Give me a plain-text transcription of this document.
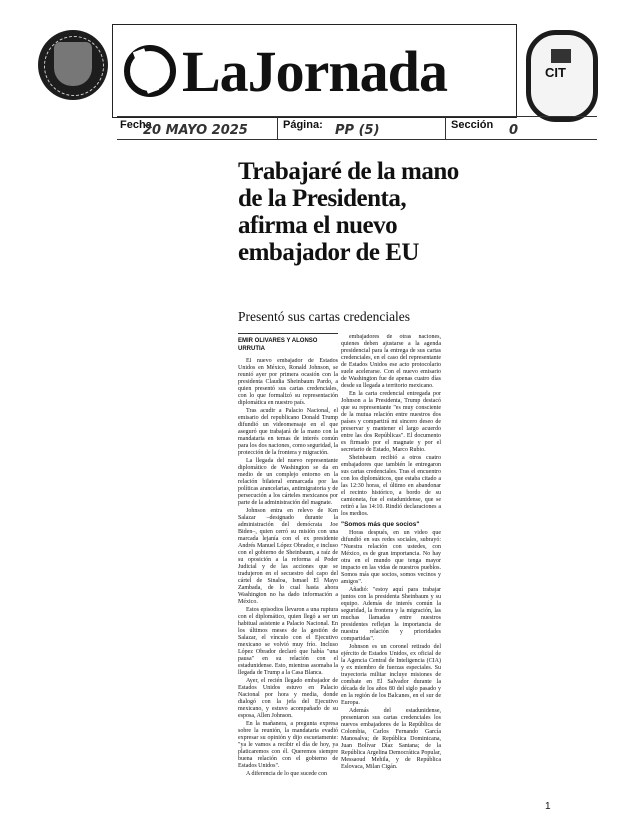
LaJornada	CIT
Fecha
20 MAYO 2025	Página: PP (5)	Sección 0
Trabajaré de la mano de la Presidenta, afirma el nuevo embajador de EU
Presentó sus cartas credenciales
EMIR OLIVARES Y ALONSO URRUTIA

El nuevo embajador de Estados Unidos en México, Ronald Johnson, se reunió ayer por primera ocasión con la presidenta Claudia Sheinbaum Pardo, a quien presentó sus cartas credenciales, con lo que formalizó su representación diplomática en nuestro país.

Tras acudir a Palacio Nacional, el emisario del republicano Donald Trump difundió un videomensaje en el que aseguró que trabajará de la mano con la mandataria en temas de interés común para los dos naciones, como seguridad, la protección de la frontera y migración.

La llegada del nuevo representante diplomático de Washington se da en medio de un complejo entorno en la relación bilateral enmarcada por las políticas arancelarias, antimigratoria y de persecución a los cárteles mexicanos por parte de la administración del magnate.

Johnson entra en relevo de Ken Salazar –designado durante la administración del demócrata Joe Biden–, quien cerró su misión con una marcada lejanía con el ex presidente Andrés Manuel López Obrador, e incluso con el gobierno de Sheinbaum, a raíz de su oposición a la reforma al Poder Judicial y de las acciones que se tradujeron en el secuestro del capo del cártel de Sinaloa, Ismael El Mayo Zambada, de lo cual hasta ahora Washington no ha dado información a México.

Estos episodios llevaron a una ruptura con el diplomático, quien llegó a ser un habitual asistente a Palacio Nacional. En los últimos meses de la gestión de Salazar, el vínculo con el Ejecutivo mexicano se volvió muy frío. Incluso López Obrador declaró que había "una pausa" en su relación con el estadunidense. Esto, mientras asomaba la llegada de Trump a la Casa Blanca.

Ayer, el recién llegado embajador de Estados Unidos estuvo en Palacio Nacional por hora y media, donde dialogó con la jefa del Ejecutivo mexicano, y estuvo acompañado de su esposa, Allen Johnson.

En la mañanera, a pregunta expresa sobre la reunión, la mandataria evadió expresar su opinión y dijo escuetamente: "ya le vamos a recibir el día de hoy, ya platicaremos con él. Queremos siempre buena relación con el gobierno de Estados Unidos".

A diferencia de lo que sucede con

embajadores de otras naciones, quienes deben ajustarse a la agenda presidencial para la entrega de sus cartas credenciales, en el caso del representante de Estados Unidos ese acto protocolario suele acelerarse. Con el nuevo emisario de Washington fue de apenas cuatro días desde su llegada a territorio mexicano.

En la carta credencial entregada por Johnson a la Presidenta, Trump destacó que su representante "es muy consciente de la mutua relación entre nuestros dos países y compartirá mi sincero deseo de preservar y mantener el largo acuerdo entre las dos Repúblicas". El documento es firmado por el magnate y por el secretario de Estado, Marco Rubio.

Sheinbaum recibió a otros cuatro embajadores que también le entregaron sus cartas credenciales. Tras el encuentro con los diplomáticos, que estaba citado a las 12:30 horas, el último en abandonar el recinto histórico, a bordo de su camioneta, fue el estadunidense, que se retiró a las 14:10. Rindió declaraciones a los medios.

"Somos más que socios"

Horas después, en un video que difundió en sus redes sociales, subrayó: "Nuestra relación con ustedes, con México, es de gran importancia. No hay otra en el mundo que tenga mayor impacto en las vidas de nuestros pueblos. Somos más que socios, somos vecinos y amigos".

Añadió: "estoy aquí para trabajar juntos con la presidenta Sheinbaum y su equipo. Además de interés común la seguridad, la frontera y la migración, las muchas llamadas entre nuestros presidentes reflejan la importancia de nuestra relación y prioridades compartidas".

Johnson es un coronel retirado del ejército de Estados Unidos, ex oficial de la Agencia Central de Inteligencia (CIA) y ex miembro de fuerzas especiales. Su trayectoria militar incluye misiones de combate en El Salvador durante la década de los años 80 del siglo pasado y en la región de los Balcanes, en el sur de Europa.

Además del estadunidense, presentaron sus cartas credenciales los nuevos embajadores de la República de Colombia, Carlos Fernando García Manosalva; de República Dominicana, Juan Bolívar Díaz Santana; de la República Argelina Democrática Popular, Messaoud Mehila, y de República Eslovaca, Milan Cigán.

1
